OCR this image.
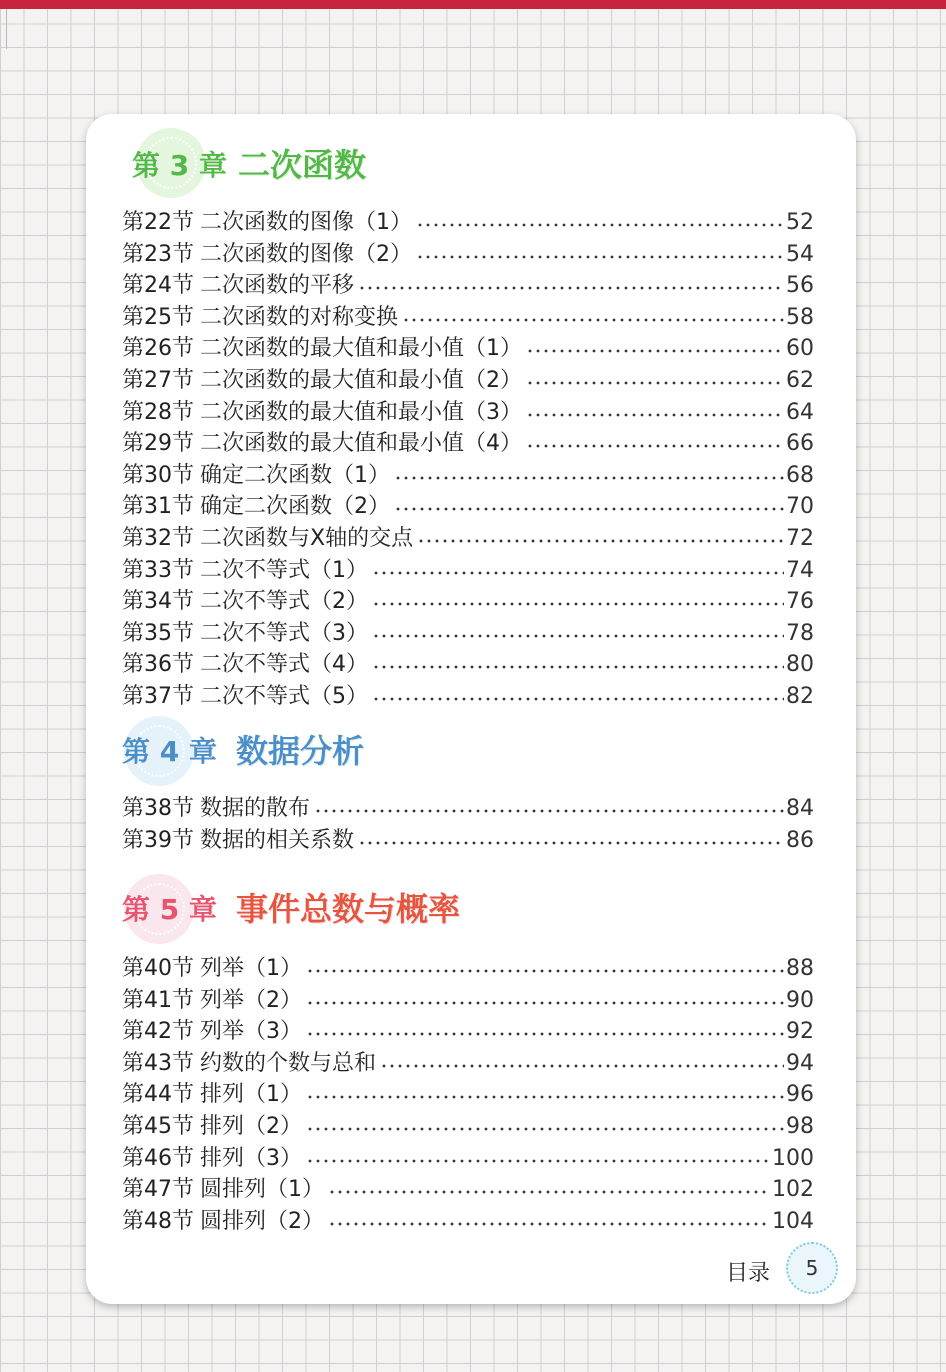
目录 5
第 3 章 二次函数
第22节 二次函数的图像（1）	52
第23节 二次函数的图像（2）	54
第24节 二次函数的平移	56
第25节 二次函数的对称变换	58
第26节 二次函数的最大值和最小值（1）	60
第27节 二次函数的最大值和最小值（2）	62
第28节 二次函数的最大值和最小值（3）	64
第29节 二次函数的最大值和最小值（4）	66
第30节 确定二次函数（1）	68
第31节 确定二次函数（2）	70
第32节 二次函数与X轴的交点	72
第33节 二次不等式（1）	74
第34节 二次不等式（2）	76
第35节 二次不等式（3）	78
第36节 二次不等式（4）	80
第37节 二次不等式（5）	82
第 4 章 数据分析
第38节 数据的散布	84
第39节 数据的相关系数	86
第 5 章 事件总数与概率
第40节 列举（1）	88
第41节 列举（2）	90
第42节 列举（3）	92
第43节 约数的个数与总和	94
第44节 排列（1）	96
第45节 排列（2）	98
第46节 排列（3）	100
第47节 圆排列（1）	102
第48节 圆排列（2）	104
